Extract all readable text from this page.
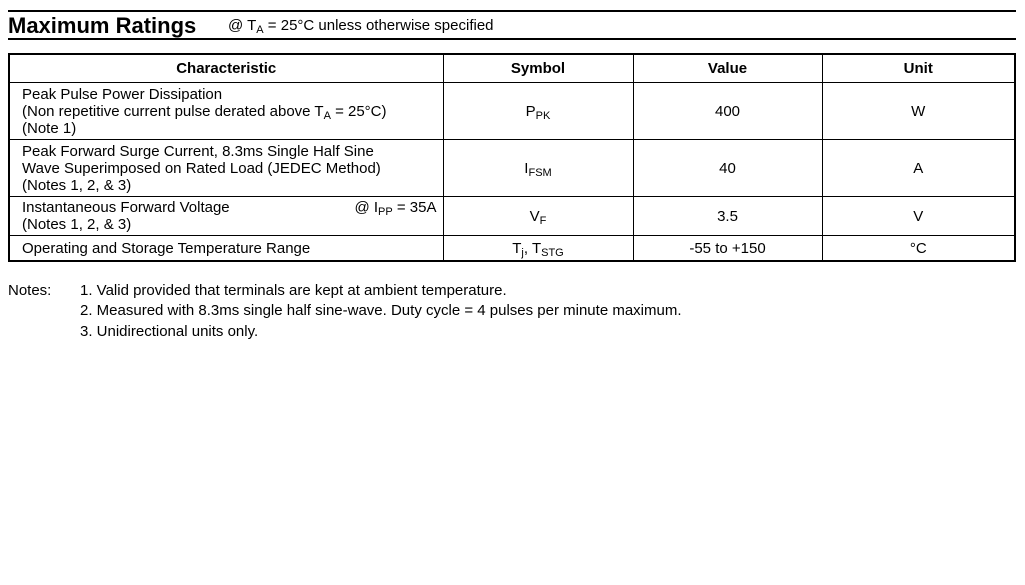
Maximum Ratings @ $T_A = 25^\circ C$ unless otherwise specified
Characteristic	Symbol	Value	Unit

Peak Pulse Power Dissipation
(Non repetitive current pulse derated above $T_A = 25^\circ C$)
(Note 1)	$P_{PK}$	400	W

Peak Forward Surge Current, 8.3ms Single Half Sine
Wave Superimposed on Rated Load (JEDEC Method)
(Notes 1, 2, & 3)	$I_{FSM}$	40	A

Instantaneous Forward Voltage @ $I_{PP} = 35A$
(Notes 1, 2, & 3)	$V_F$	3.5	V

Operating and Storage Temperature Range	$T_j$, $T_{STG}$	-55 to +150	°C
Notes: 1. Valid provided that terminals are kept at ambient temperature.
2. Measured with 8.3ms single half sine-wave. Duty cycle = 4 pulses per minute maximum.
3. Unidirectional units only.
